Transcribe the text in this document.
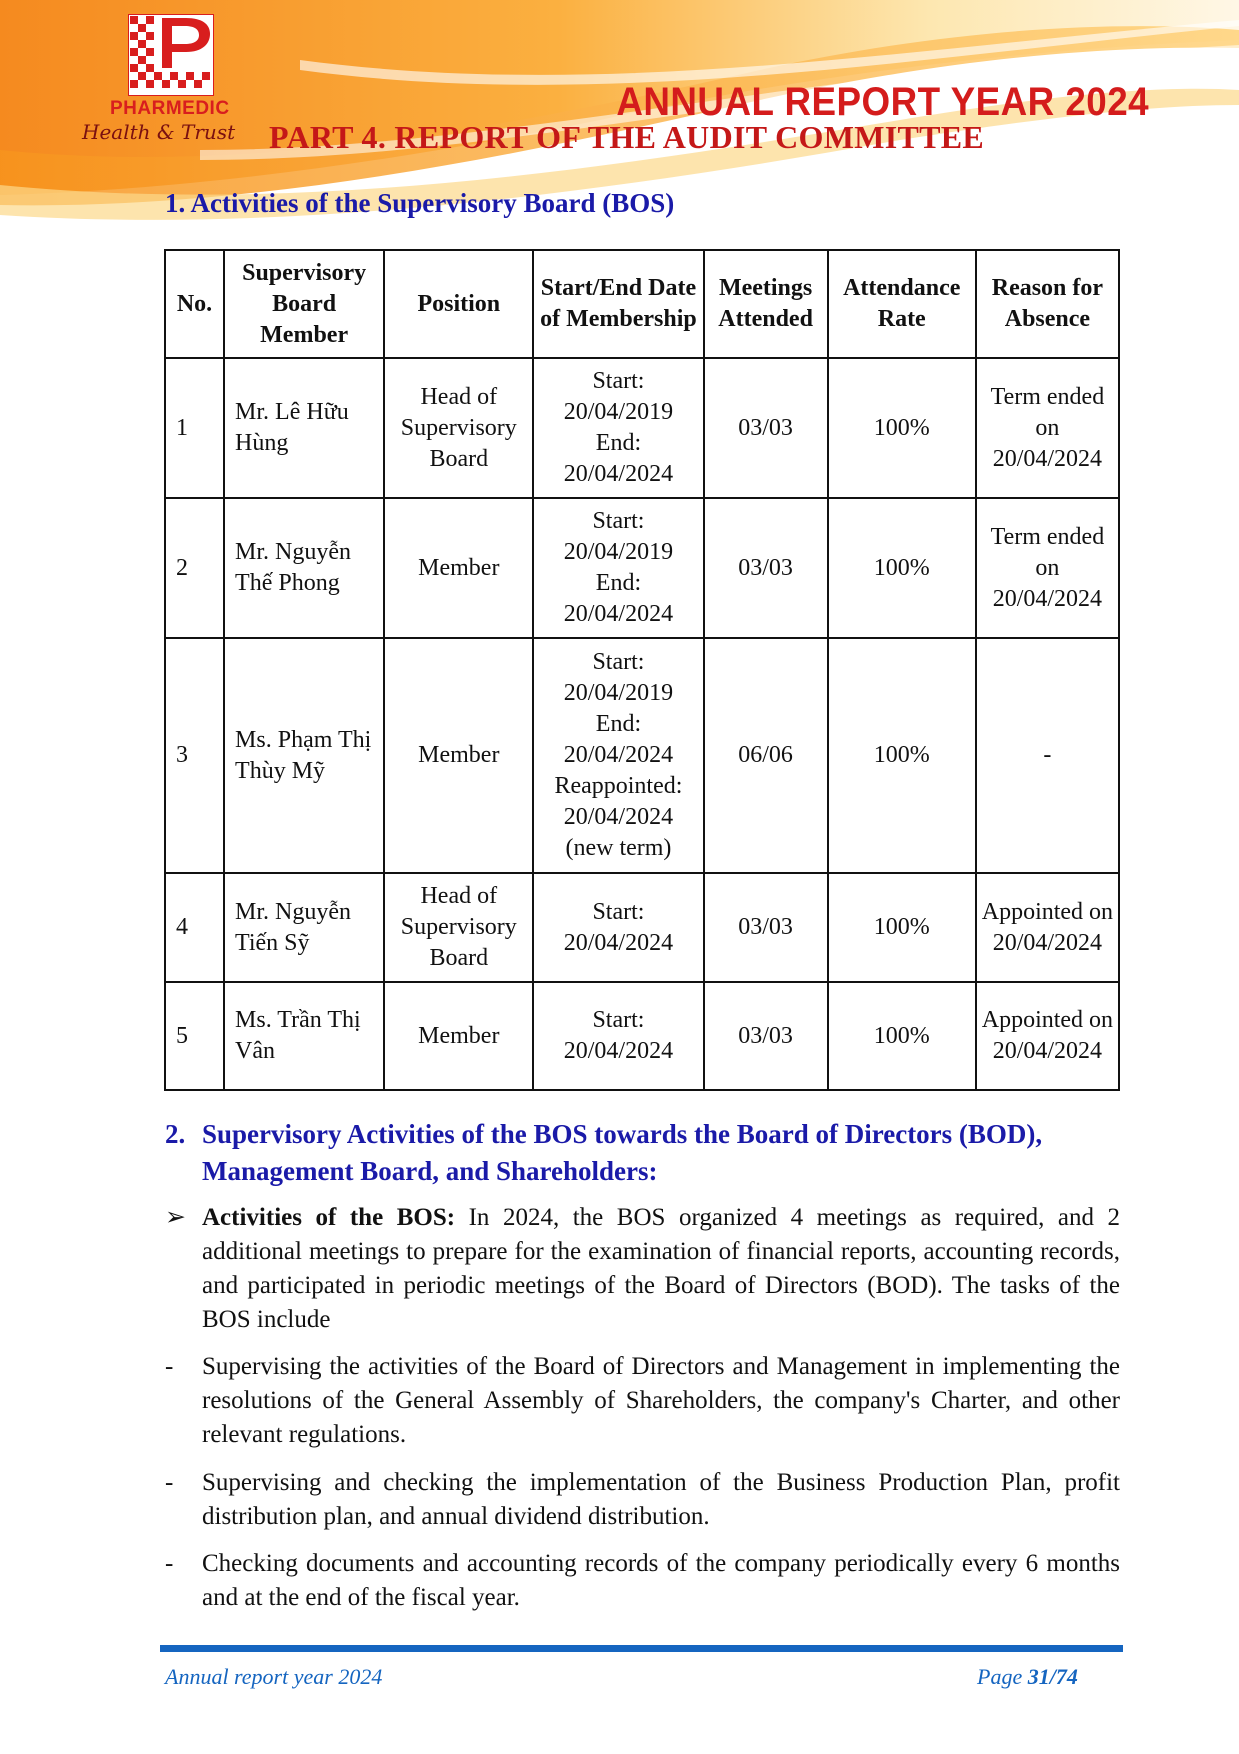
PHARMEDIC
Health & Trust
ANNUAL REPORT YEAR 2024
PART 4. REPORT OF THE AUDIT COMMITTEE
1. Activities of the Supervisory Board (BOS)
No.	Supervisory Board Member	Position	Start/End Date of Membership	Meetings Attended	Attendance Rate	Reason for Absence
1	Mr. Lê Hữu Hùng	Head of Supervisory Board	Start: 20/04/2019 End: 20/04/2024	03/03	100%	Term ended on 20/04/2024
2	Mr. Nguyễn Thế Phong	Member	Start: 20/04/2019 End: 20/04/2024	03/03	100%	Term ended on 20/04/2024
3	Ms. Phạm Thị Thùy Mỹ	Member	Start: 20/04/2019 End: 20/04/2024 Reappointed: 20/04/2024 (new term)	06/06	100%	-
4	Mr. Nguyễn Tiến Sỹ	Head of Supervisory Board	Start: 20/04/2024	03/03	100%	Appointed on 20/04/2024
5	Ms. Trần Thị Vân	Member	Start: 20/04/2024	03/03	100%	Appointed on 20/04/2024
2. Supervisory Activities of the BOS towards the Board of Directors (BOD), Management Board, and Shareholders:
➢ Activities of the BOS: In 2024, the BOS organized 4 meetings as required, and 2 additional meetings to prepare for the examination of financial reports, accounting records, and participated in periodic meetings of the Board of Directors (BOD). The tasks of the BOS include
- Supervising the activities of the Board of Directors and Management in implementing the resolutions of the General Assembly of Shareholders, the company's Charter, and other relevant regulations.
- Supervising and checking the implementation of the Business Production Plan, profit distribution plan, and annual dividend distribution.
- Checking documents and accounting records of the company periodically every 6 months and at the end of the fiscal year.
Annual report year 2024	Page 31/74
